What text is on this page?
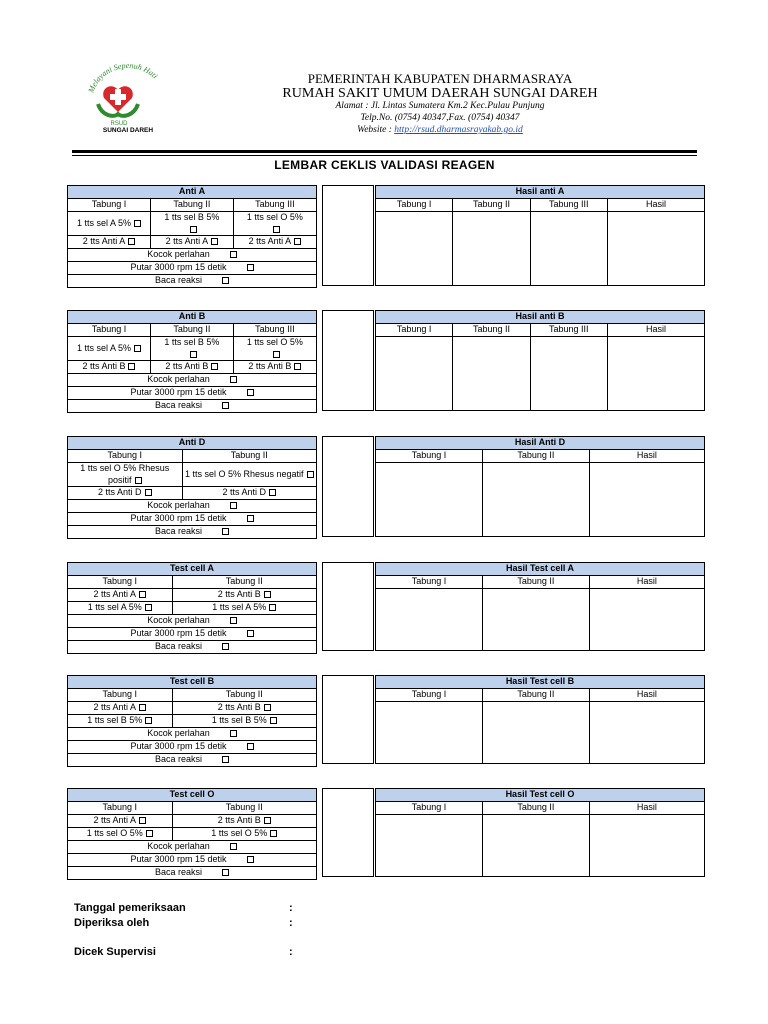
Melayani Sepenuh Hati
RSUD
SUNGAI DAREH
PEMERINTAH KABUPATEN DHARMASRAYA
RUMAH SAKIT UMUM DAERAH SUNGAI DAREH
Alamat : Jl. Lintas Sumatera Km.2 Kec.Pulau Punjung
Telp.No. (0754) 40347,Fax. (0754) 40347
Website : http://rsud.dharmasrayakab.go.id
LEMBAR CEKLIS VALIDASI REAGEN
Anti A		
Tabung I	Tabung II	Tabung III
1 tts sel A 5%	1 tts sel B 5%	1 tts sel O 5%

2 tts Anti A	2 tts Anti A	2 tts Anti A
Kocok perlahan		
Putar 3000 rpm 15 detik		
Baca reaksi		
Hasil anti A			
Tabung I	Tabung II	Tabung III	Hasil

Anti B		
Tabung I	Tabung II	Tabung III
1 tts sel A 5%	1 tts sel B 5%	1 tts sel O 5%

2 tts Anti B	2 tts Anti B	2 tts Anti B
Kocok perlahan		
Putar 3000 rpm 15 detik		
Baca reaksi		
Hasil anti B			
Tabung I	Tabung II	Tabung III	Hasil

Anti D	
Tabung I	Tabung II
1 tts sel O 5% Rhesus positif	1 tts sel O 5% Rhesus negatif
2 tts Anti D	2 tts Anti D
Kocok perlahan	
Putar 3000 rpm 15 detik	
Baca reaksi	
Hasil Anti D		
Tabung I	Tabung II	Hasil

Test cell A	
Tabung I	Tabung II
2 tts Anti A	2 tts Anti B
1 tts sel A 5%	1 tts sel A 5%
Kocok perlahan	
Putar 3000 rpm 15 detik	
Baca reaksi	
Hasil Test cell A		
Tabung I	Tabung II	Hasil

Test cell B	
Tabung I	Tabung II
2 tts Anti A	2 tts Anti B
1 tts sel B 5%	1 tts sel B 5%
Kocok perlahan	
Putar 3000 rpm 15 detik	
Baca reaksi	
Hasil Test cell B		
Tabung I	Tabung II	Hasil

Test cell O	
Tabung I	Tabung II
2 tts Anti A	2 tts Anti B
1 tts sel O 5%	1 tts sel O 5%
Kocok perlahan	
Putar 3000 rpm 15 detik	
Baca reaksi	
Hasil Test cell O		
Tabung I	Tabung II	Hasil

Tanggal pemeriksaan	:
Diperiksa oleh	:
Dicek Supervisi	:
